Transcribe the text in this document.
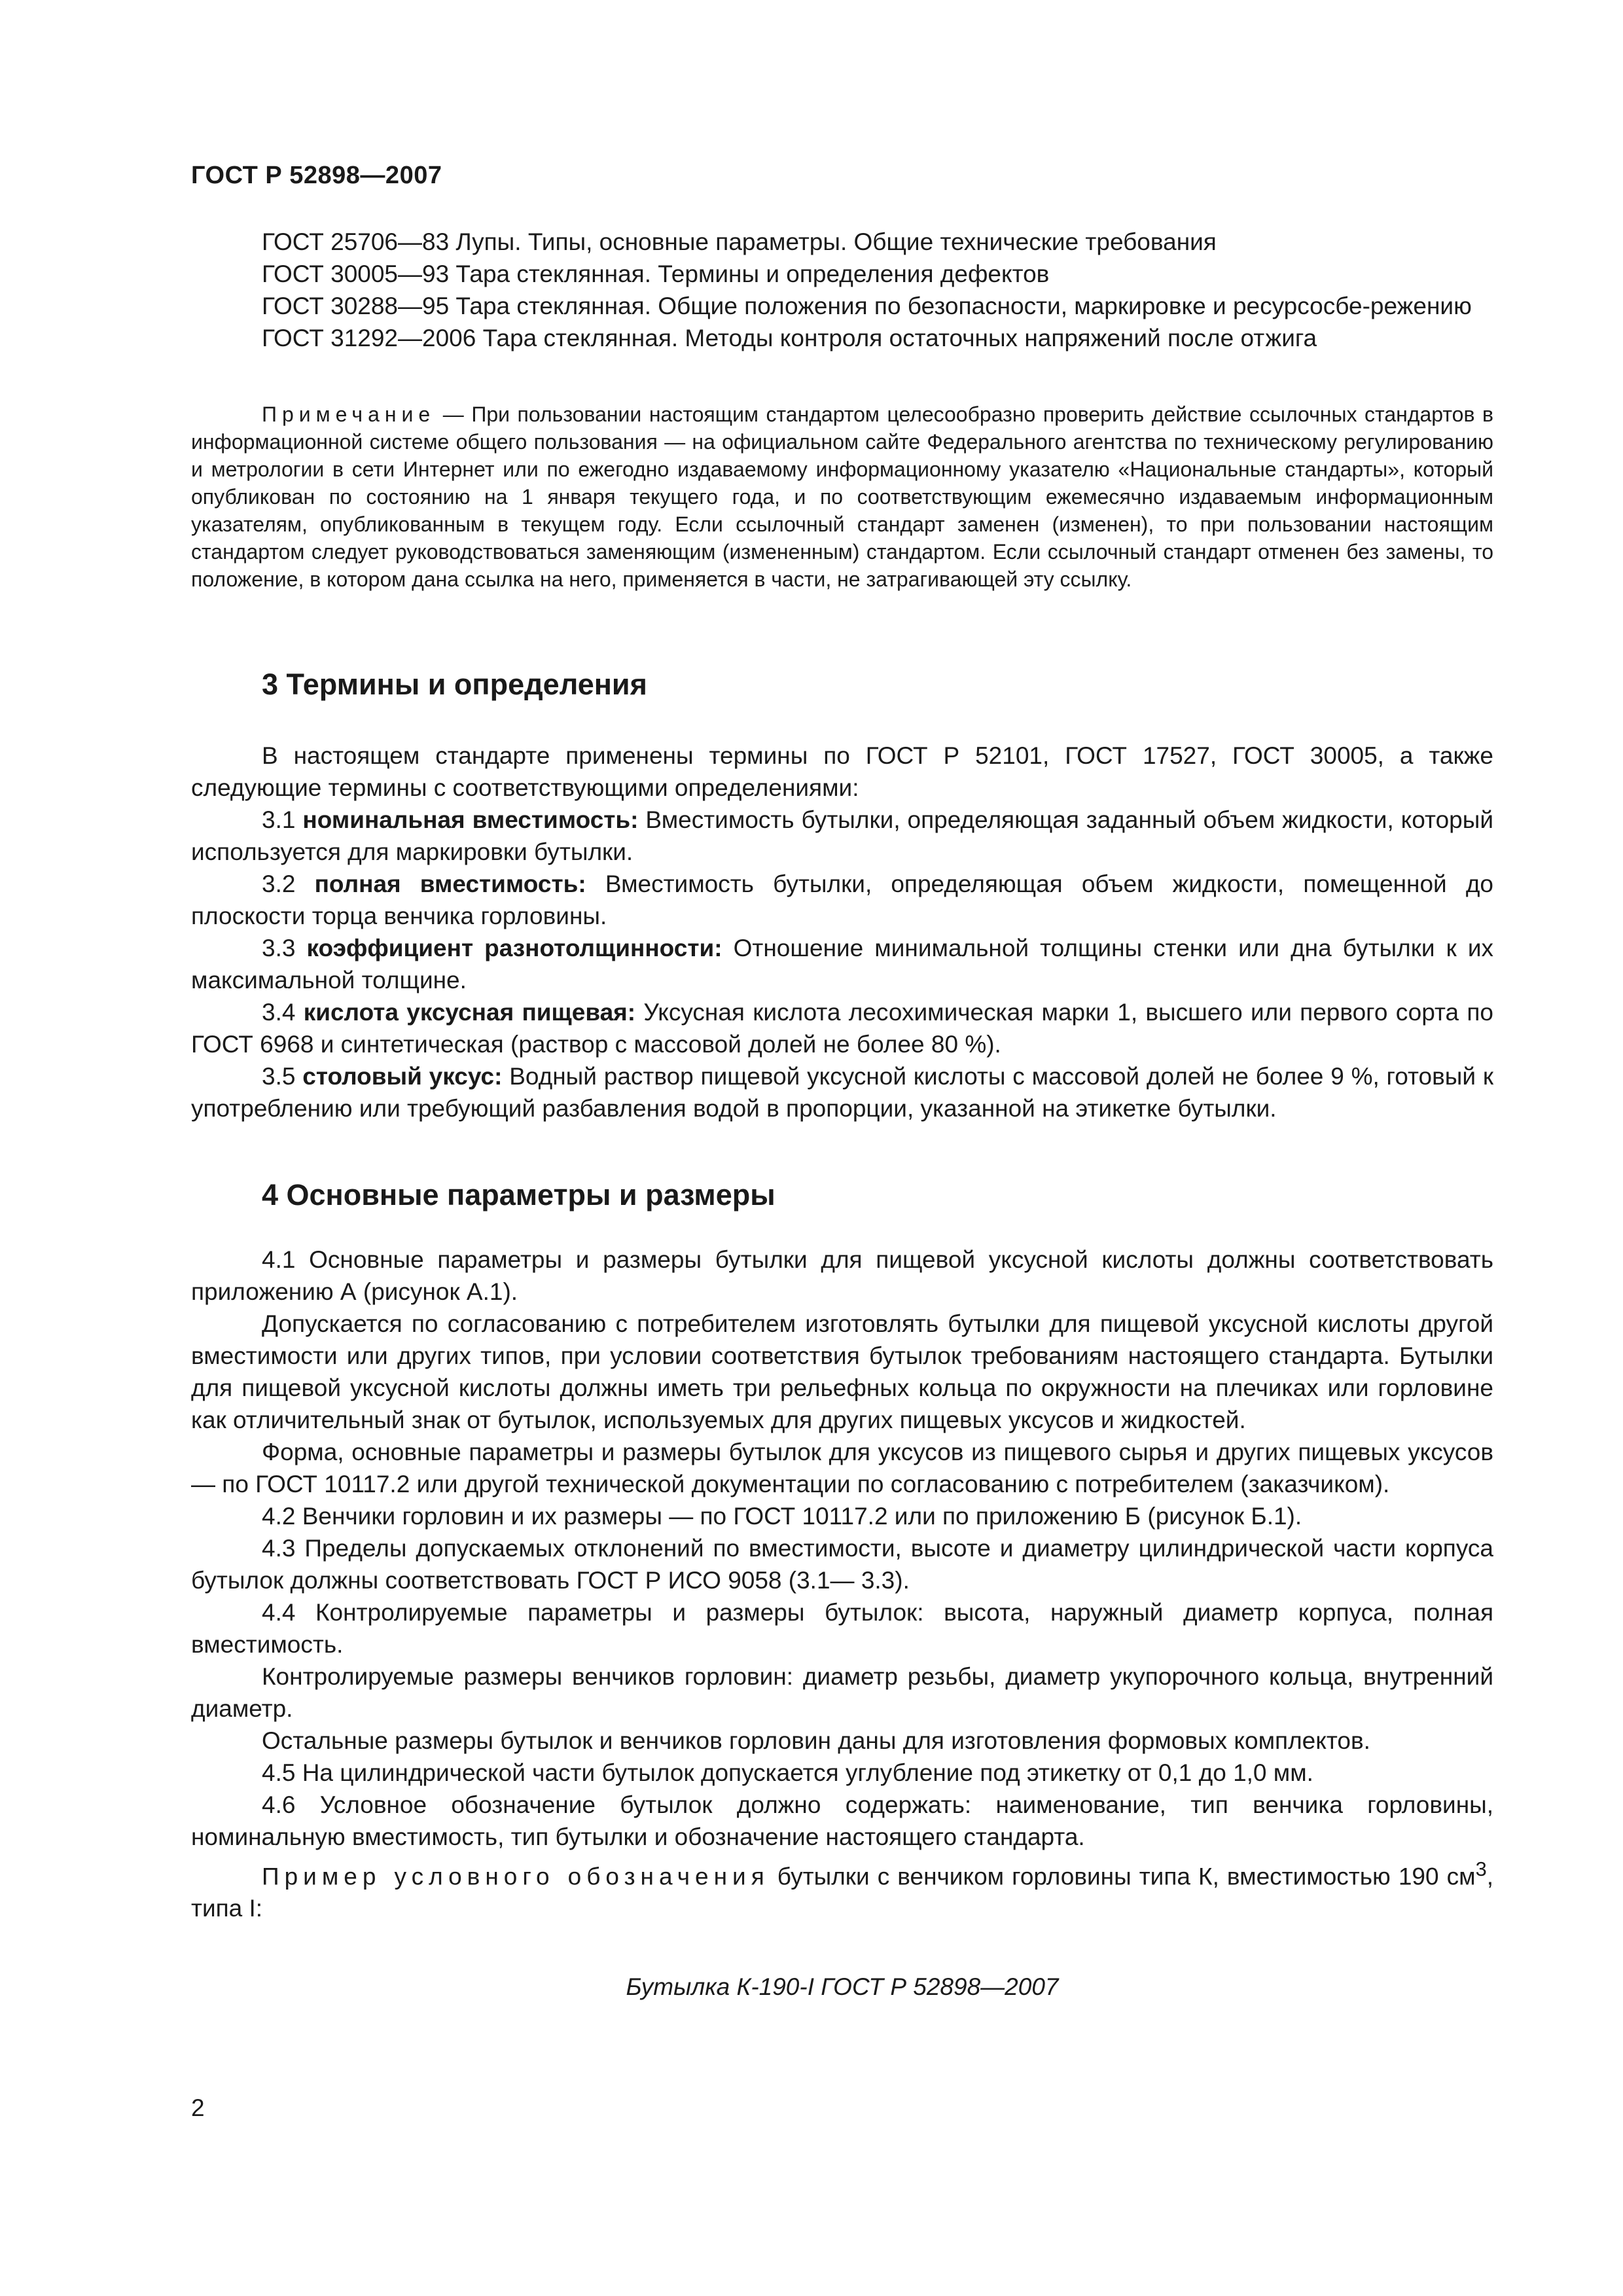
ГОСТ Р 52898—2007

ГОСТ 25706—83 Лупы. Типы, основные параметры. Общие технические требования

ГОСТ 30005—93 Тара стеклянная. Термины и определения дефектов

ГОСТ 30288—95 Тара стеклянная. Общие положения по безопасности, маркировке и ресурсосбе-режению

ГОСТ 31292—2006 Тара стеклянная. Методы контроля остаточных напряжений после отжига

Примечание — При пользовании настоящим стандартом целесообразно проверить действие ссылочных стандартов в информационной системе общего пользования — на официальном сайте Федерального агентства по техническому регулированию и метрологии в сети Интернет или по ежегодно издаваемому информационному указателю «Национальные стандарты», который опубликован по состоянию на 1 января текущего года, и по соответствующим ежемесячно издаваемым информационным указателям, опубликованным в текущем году. Если ссылочный стандарт заменен (изменен), то при пользовании настоящим стандартом следует руководствоваться заменяющим (измененным) стандартом. Если ссылочный стандарт отменен без замены, то положение, в котором дана ссылка на него, применяется в части, не затрагивающей эту ссылку.

3 Термины и определения

В настоящем стандарте применены термины по ГОСТ Р 52101, ГОСТ 17527, ГОСТ 30005, а также следующие термины с соответствующими определениями:

3.1 номинальная вместимость: Вместимость бутылки, определяющая заданный объем жидкости, который используется для маркировки бутылки.

3.2 полная вместимость: Вместимость бутылки, определяющая объем жидкости, помещенной до плоскости торца венчика горловины.

3.3 коэффициент разнотолщинности: Отношение минимальной толщины стенки или дна бутылки к их максимальной толщине.

3.4 кислота уксусная пищевая: Уксусная кислота лесохимическая марки 1, высшего или первого сорта по ГОСТ 6968 и синтетическая (раствор с массовой долей не более 80 %).

3.5 столовый уксус: Водный раствор пищевой уксусной кислоты с массовой долей не более 9 %, готовый к употреблению или требующий разбавления водой в пропорции, указанной на этикетке бутылки.

4 Основные параметры и размеры

4.1 Основные параметры и размеры бутылки для пищевой уксусной кислоты должны соответствовать приложению А (рисунок А.1).

Допускается по согласованию с потребителем изготовлять бутылки для пищевой уксусной кислоты другой вместимости или других типов, при условии соответствия бутылок требованиям настоящего стандарта. Бутылки для пищевой уксусной кислоты должны иметь три рельефных кольца по окружности на плечиках или горловине как отличительный знак от бутылок, используемых для других пищевых уксусов и жидкостей.

Форма, основные параметры и размеры бутылок для уксусов из пищевого сырья и других пищевых уксусов — по ГОСТ 10117.2 или другой технической документации по согласованию с потребителем (заказчиком).

4.2 Венчики горловин и их размеры — по ГОСТ 10117.2 или по приложению Б (рисунок Б.1).

4.3 Пределы допускаемых отклонений по вместимости, высоте и диаметру цилиндрической части корпуса бутылок должны соответствовать ГОСТ Р ИСО 9058 (3.1— 3.3).

4.4 Контролируемые параметры и размеры бутылок: высота, наружный диаметр корпуса, полная вместимость.

Контролируемые размеры венчиков горловин: диаметр резьбы, диаметр укупорочного кольца, внутренний диаметр.

Остальные размеры бутылок и венчиков горловин даны для изготовления формовых комплектов.

4.5 На цилиндрической части бутылок допускается углубление под этикетку от 0,1 до 1,0 мм.

4.6 Условное обозначение бутылок должно содержать: наименование, тип венчика горловины, номинальную вместимость, тип бутылки и обозначение настоящего стандарта.

Пример условного обозначения бутылки с венчиком горловины типа К, вместимостью 190 $см^3$, типа I:

Бутылка К-190-I ГОСТ Р 52898—2007
2
